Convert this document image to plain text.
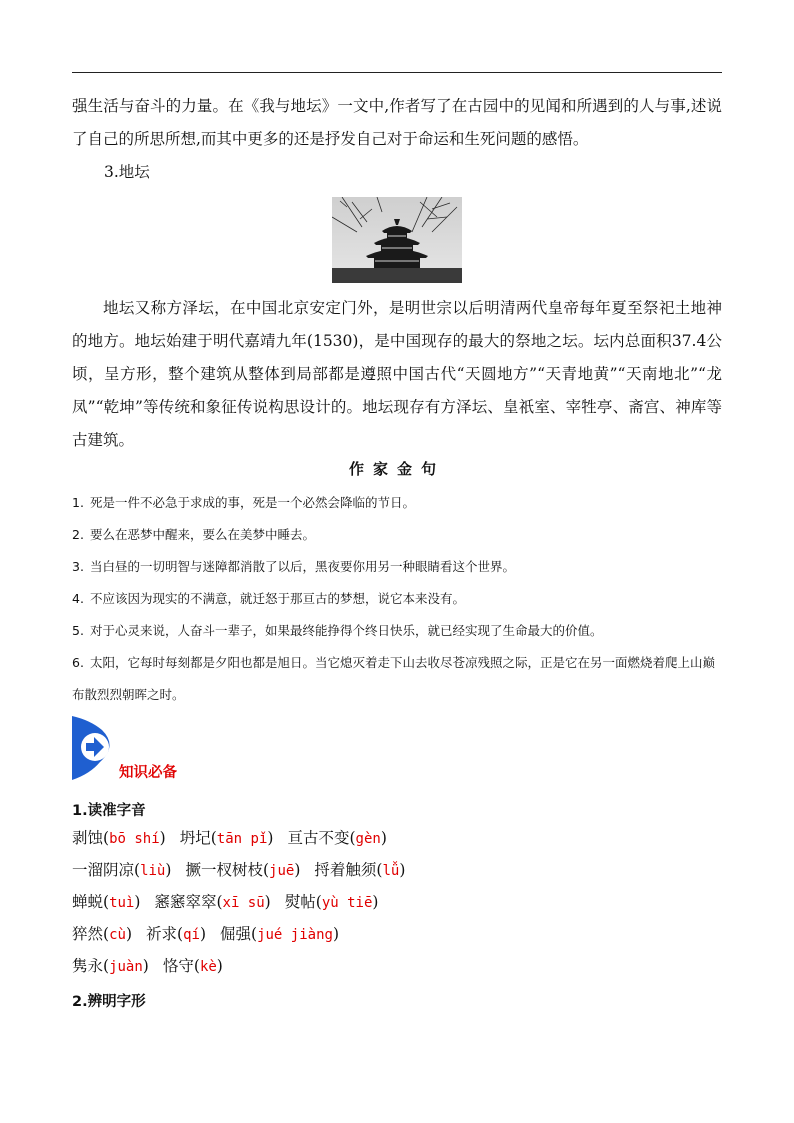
强生活与奋斗的力量。在《我与地坛》一文中,作者写了在古园中的见闻和所遇到的人与事,述说了自己的所思所想,而其中更多的还是抒发自己对于命运和生死问题的感悟。

3.地坛

地坛又称方泽坛，在中国北京安定门外，是明世宗以后明清两代皇帝每年夏至祭祀土地神的地方。地坛始建于明代嘉靖九年(1530)，是中国现存的最大的祭地之坛。坛内总面积37.4公顷，呈方形，整个建筑从整体到局部都是遵照中国古代“天圆地方”“天青地黄”“天南地北”“龙凤”“乾坤”等传统和象征传说构思设计的。地坛现存有方泽坛、皇祇室、宰牲亭、斋宫、神库等古建筑。

作家金句

1. 死是一件不必急于求成的事，死是一个必然会降临的节日。

2. 要么在恶梦中醒来，要么在美梦中睡去。

3. 当白昼的一切明智与迷障都消散了以后，黑夜要你用另一种眼睛看这个世界。

4. 不应该因为现实的不满意，就迁怒于那亘古的梦想，说它本来没有。

5. 对于心灵来说，人奋斗一辈子，如果最终能挣得个终日快乐，就已经实现了生命最大的价值。

6. 太阳，它每时每刻都是夕阳也都是旭日。当它熄灭着走下山去收尽苍凉残照之际，正是它在另一面燃烧着爬上山巅布散烈烈朝晖之时。

知识必备
1.读准字音
剥蚀(bō shí) 坍圮(tān pǐ) 亘古不变(gèn)
一溜阴凉(liù) 撅一杈树枝(juē) 捋着触须(lǚ)
蝉蜕(tuì) 窸窸窣窣(xī sū) 熨帖(yù tiē)
猝然(cù) 祈求(qí) 倔强(jué jiàng)
隽永(juàn) 恪守(kè)
2.辨明字形
